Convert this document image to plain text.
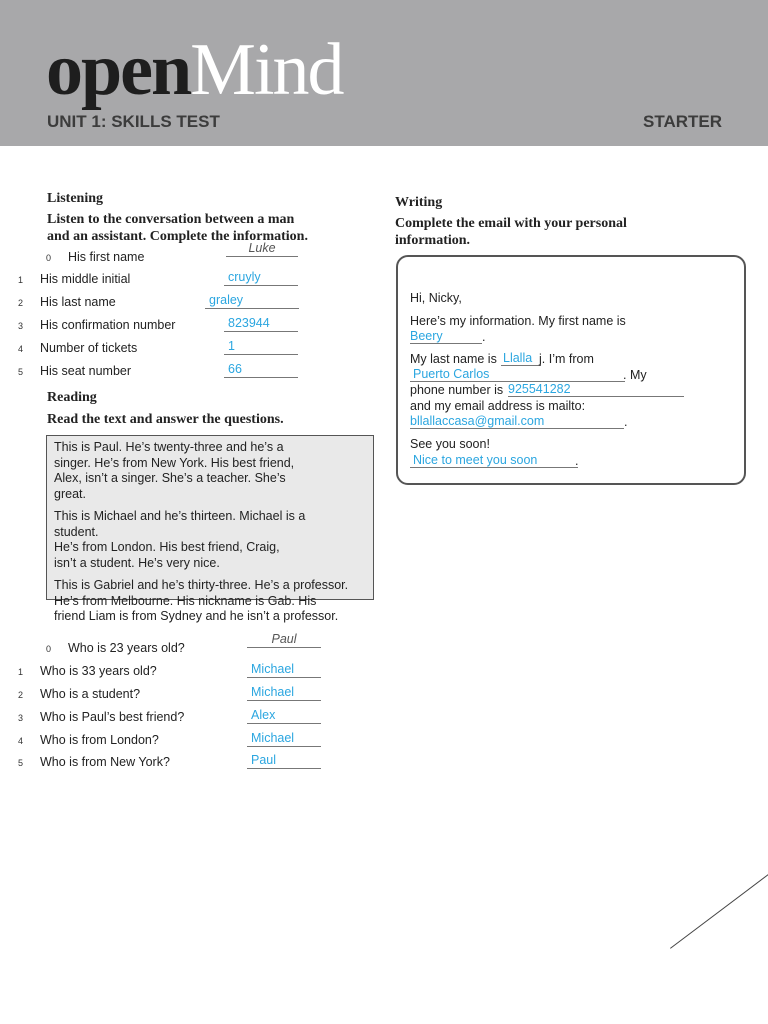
openMind
UNIT 1: SKILLS TEST	STARTER
Listening
Listen to the conversation between a man
and an assistant. Complete the information.
0 His first name
Luke
1 His middle initial	cruyly
2 His last name	graley
3 His confirmation number	823944
4 Number of tickets	1
5 His seat number	66
Reading
Read the text and answer the questions.
This is Paul. He’s twenty-three and he’s a
singer. He’s from New York. His best friend,
Alex, isn’t a singer. She’s a teacher. She’s
great.
This is Michael and he’s thirteen. Michael is a
student.
He’s from London. His best friend, Craig,
isn’t a student. He’s very nice.
This is Gabriel and he’s thirty-three. He’s a professor.
He’s from Melbourne. His nickname is Gab. His
friend Liam is from Sydney and he isn’t a professor.
0 Who is 23 years old?
Paul
1 Who is 33 years old?	Michael
2 Who is a student?	Michael
3 Who is Paul’s best friend?	Alex
4 Who is from London?	Michael
5 Who is from New York?	Paul
Writing
Complete the email with your personal
information.
Hi, Nicky,
Here’s my information. My first name is
Beery	.
My last name is Llalla j. I’m from
Puerto Carlos	. My
phone number is 925541282
and my email address is mailto:
bllallaccasa@gmail.com	.
See you soon!
Nice to meet you soon	.
